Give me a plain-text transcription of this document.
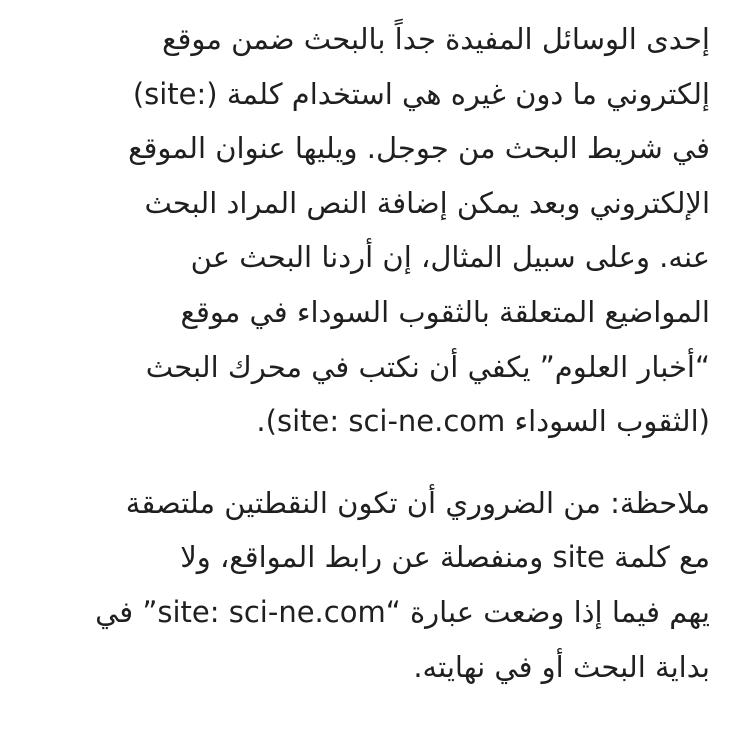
إحدى الوسائل المفيدة جداً بالبحث ضمن موقع
إلكتروني ما دون غيره هي استخدام كلمة (:site)
في شريط البحث من جوجل. ويليها عنوان الموقع
الإلكتروني وبعد يمكن إضافة النص المراد البحث
عنه. وعلى سبيل المثال، إن أردنا البحث عن
المواضيع المتعلقة بالثقوب السوداء في موقع
“أخبار العلوم” يكفي أن نكتب في محرك البحث
(الثقوب السوداء site: sci-ne.com).
ملاحظة: من الضروري أن تكون النقطتين ملتصقة
مع كلمة site ومنفصلة عن رابط المواقع، ولا
يهم فيما إذا وضعت عبارة “site: sci-ne.com” في
بداية البحث أو في نهايته.
